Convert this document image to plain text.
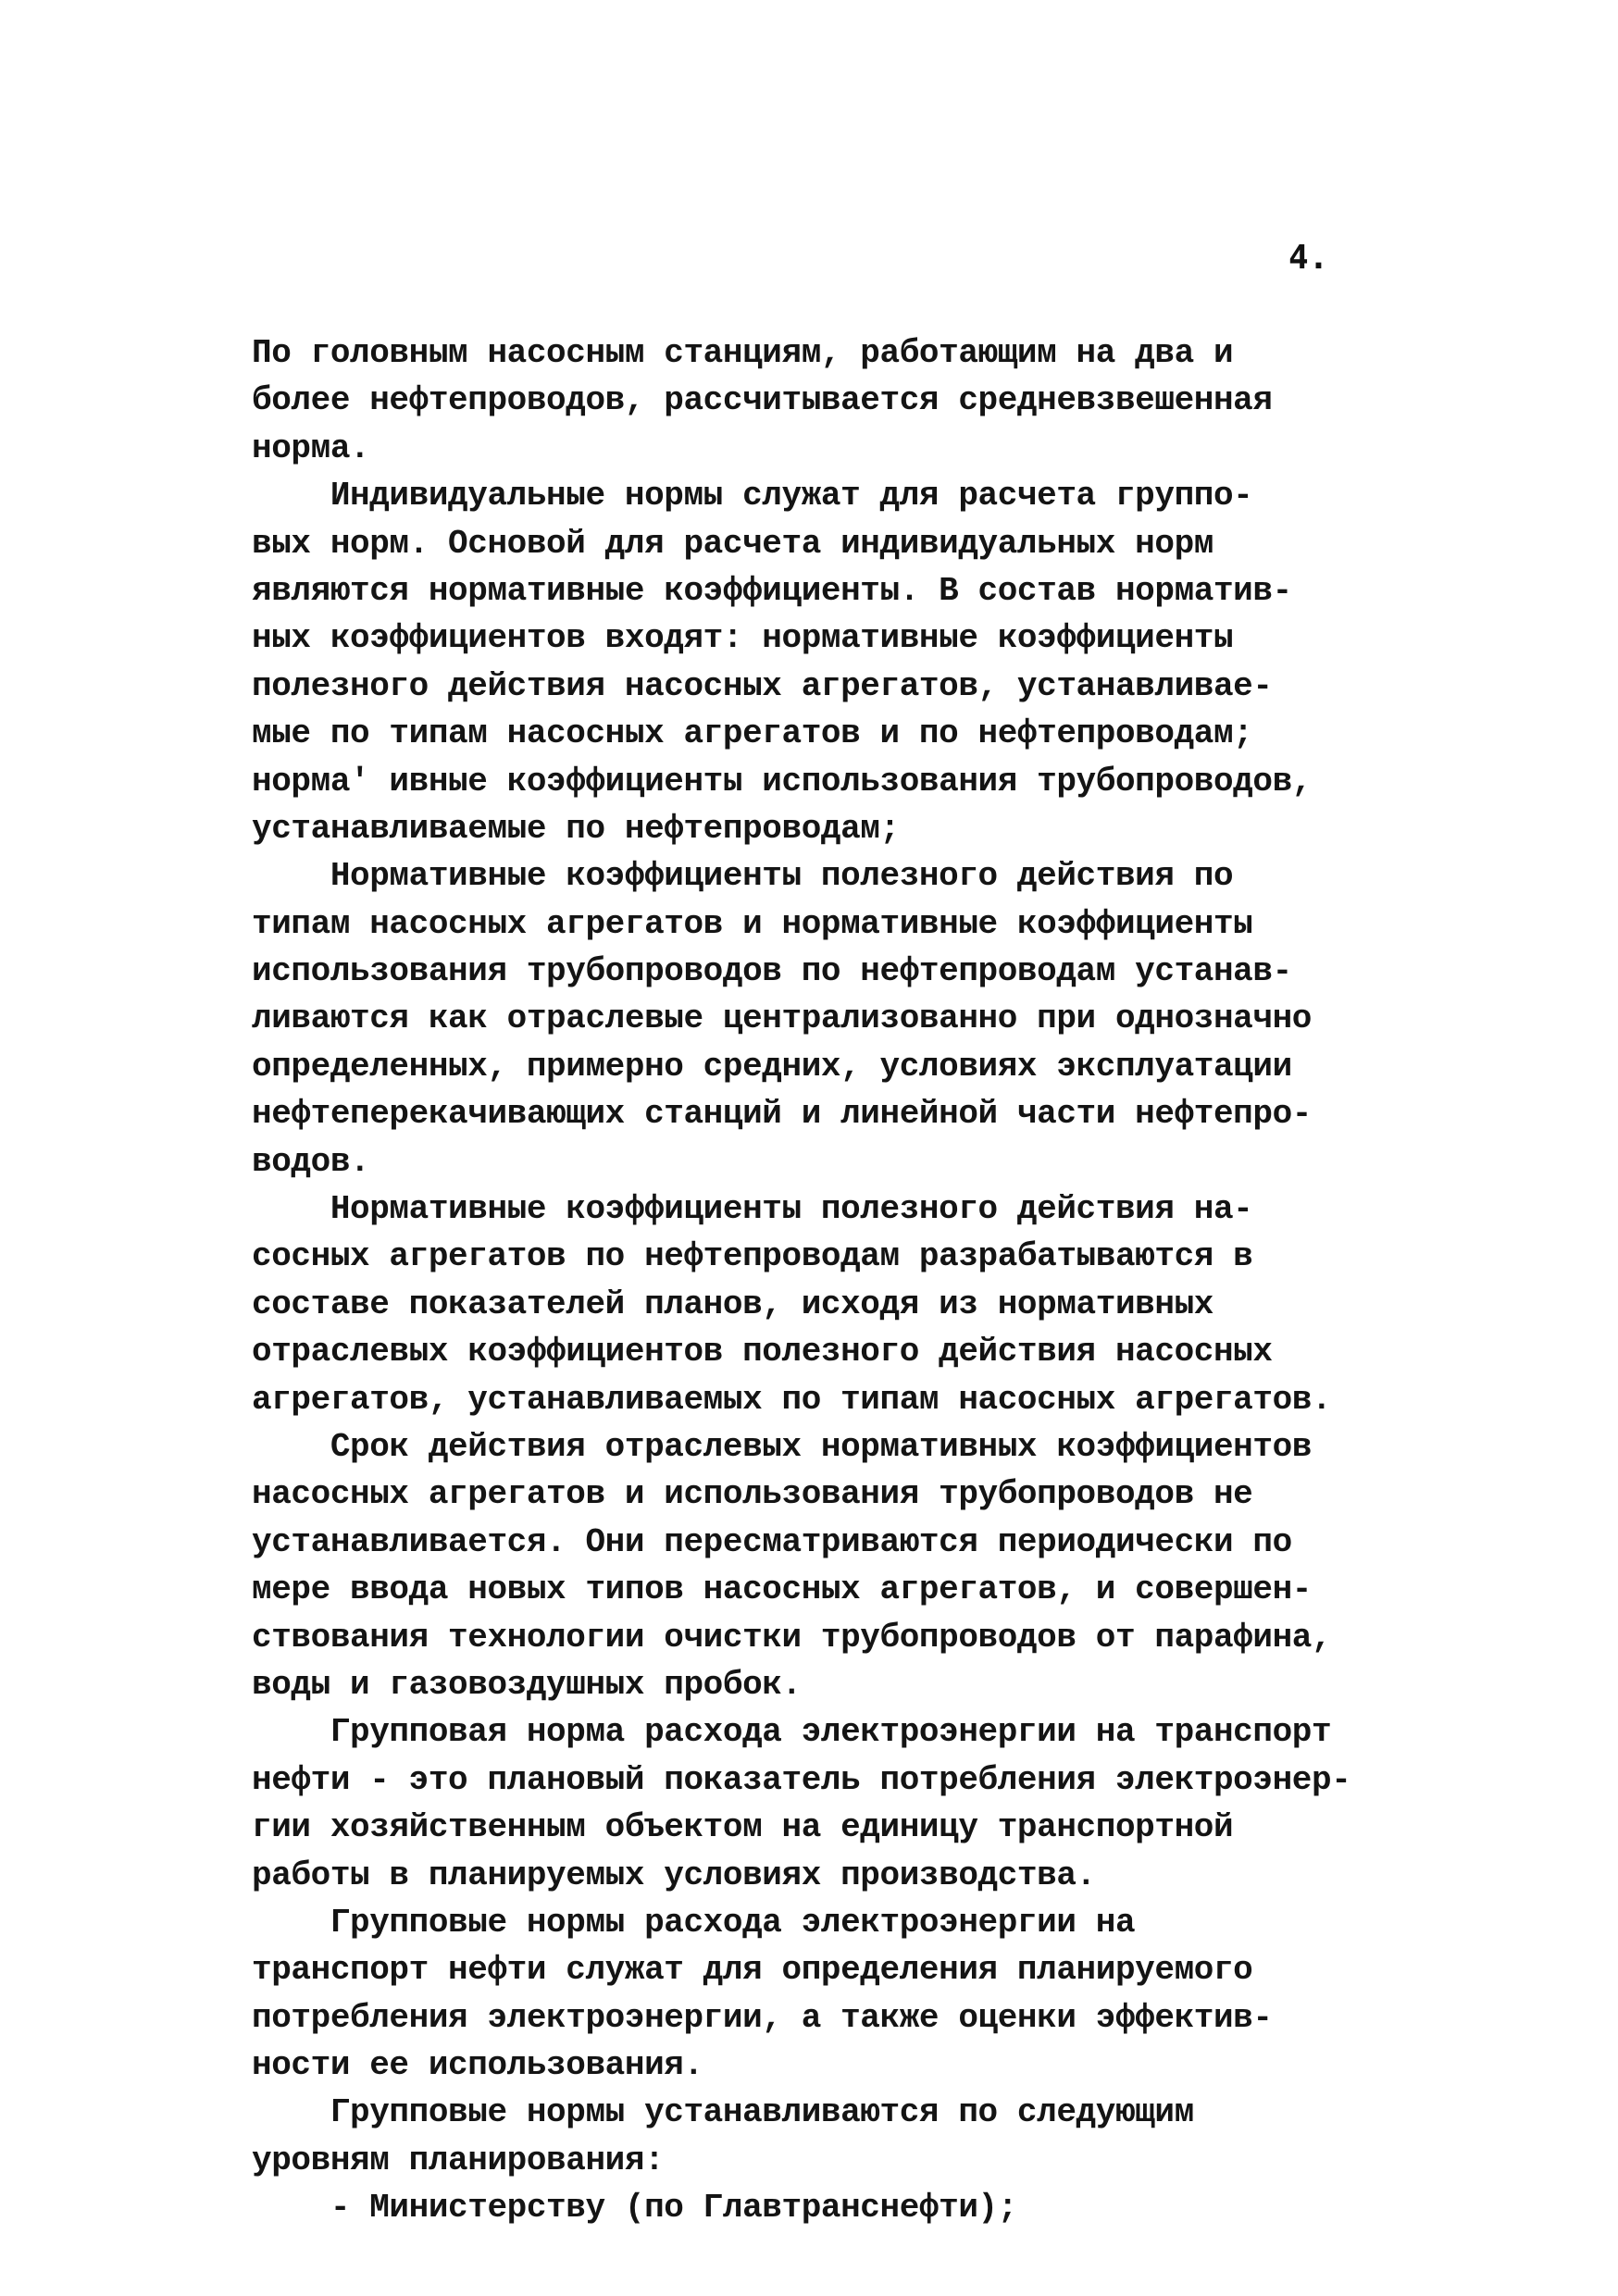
4.
По головным насосным станциям, работающим на два и
более нефтепроводов, рассчитывается средневзвешенная
норма.
Индивидуальные нормы служат для расчета группо-
вых норм. Основой для расчета индивидуальных норм
являются нормативные коэффициенты. В состав норматив-
ных коэффициентов входят: нормативные коэффициенты
полезного действия насосных агрегатов, устанавливае-
мые по типам насосных агрегатов и по нефтепроводам;
норма' ивные коэффициенты использования трубопроводов,
устанавливаемые по нефтепроводам;
Нормативные коэффициенты полезного действия по
типам насосных агрегатов и нормативные коэффициенты
использования трубопроводов по нефтепроводам устанав-
ливаются как отраслевые централизованно при однозначно
определенных, примерно средних, условиях эксплуатации
нефтеперекачивающих станций и линейной части нефтепро-
водов.
Нормативные коэффициенты полезного действия на-
сосных агрегатов по нефтепроводам разрабатываются в
составе показателей планов, исходя из нормативных
отраслевых коэффициентов полезного действия насосных
агрегатов, устанавливаемых по типам насосных агрегатов.
Срок действия отраслевых нормативных коэффициентов
насосных агрегатов и использования трубопроводов не
устанавливается. Они пересматриваются периодически по
мере ввода новых типов насосных агрегатов, и совершен-
ствования технологии очистки трубопроводов от парафина,
воды и газовоздушных пробок.
Групповая норма расхода электроэнергии на транспорт
нефти - это плановый показатель потребления электроэнер-
гии хозяйственным объектом на единицу транспортной
работы в планируемых условиях производства.
Групповые нормы расхода электроэнергии на
транспорт нефти служат для определения планируемого
потребления электроэнергии, а также оценки эффектив-
ности ее использования.
Групповые нормы устанавливаются по следующим
уровням планирования:
- Министерству (по Главтранснефти);
